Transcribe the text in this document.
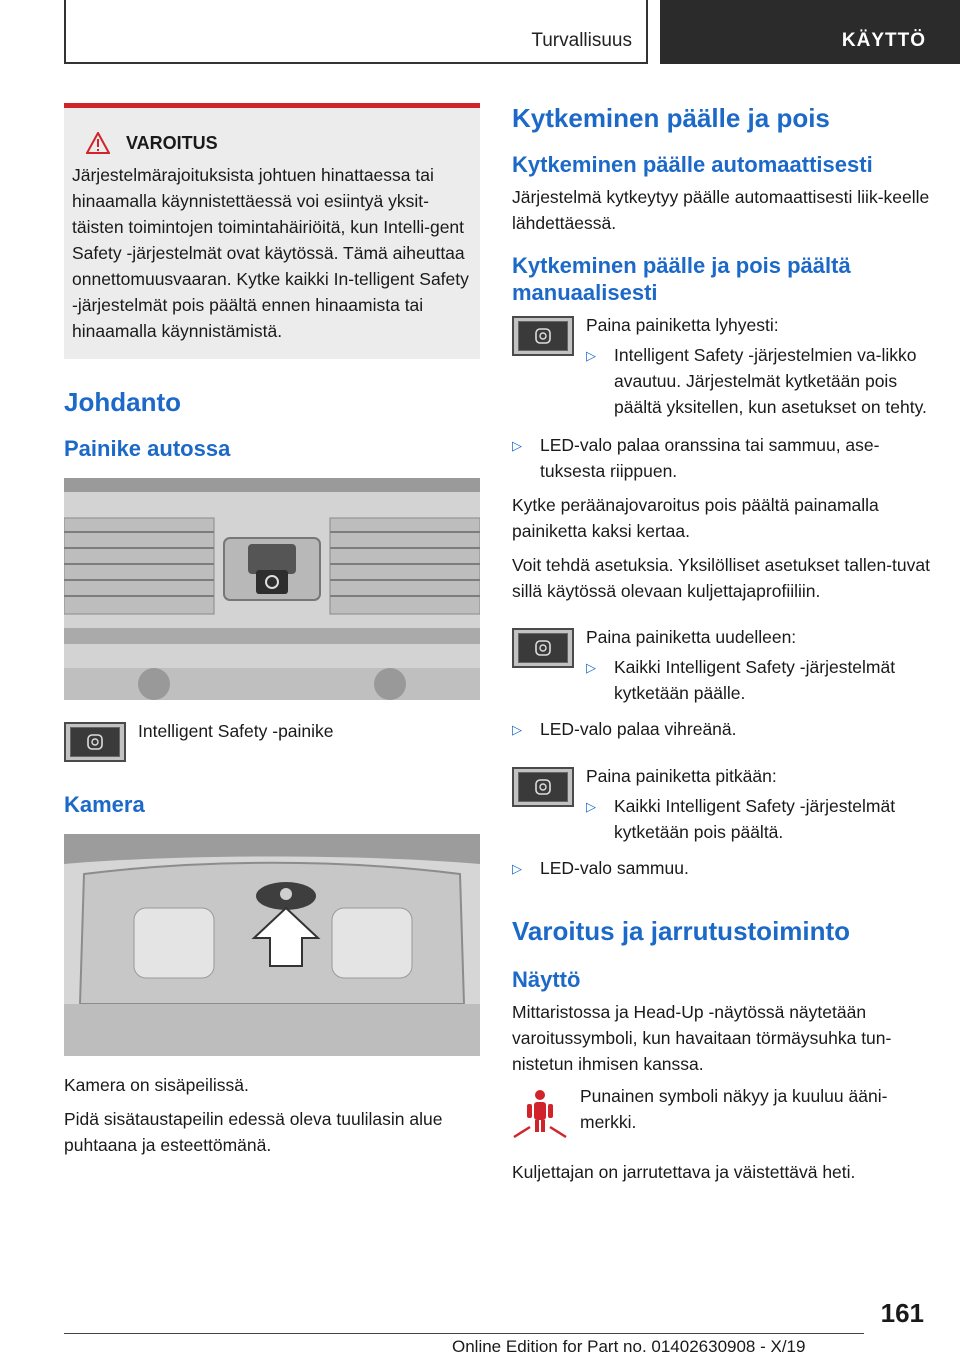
Turvallisuus	KÄYTTÖ
VAROITUS

Järjestelmärajoituksista johtuen hinattaessa tai hinaamalla käynnistettäessä voi esiintyä yksit-täisten toimintojen toimintahäiriöitä, kun Intelli-gent Safety -järjestelmät ovat käytössä. Tämä aiheuttaa onnettomuusvaaran. Kytke kaikki In-telligent Safety -järjestelmät pois päältä ennen hinaamista tai hinaamalla käynnistämistä.

Johdanto
Painike autossa
Intelligent Safety -painike
Kamera

Kamera on sisäpeilissä.

Pidä sisätaustapeilin edessä oleva tuulilasin alue puhtaana ja esteettömänä.

Kytkeminen päälle ja pois
Kytkeminen päälle automaattisesti

Järjestelmä kytkeytyy päälle automaattisesti liik-keelle lähdettäessä.

Kytkeminen päälle ja pois päältä manuaalisesti

Paina painiketta lyhyesti:

▷	Intelligent Safety -järjestelmien va-likko avautuu. Järjestelmät kytketään pois päältä yksitellen, kun asetukset on tehty.
▷	LED-valo palaa oranssina tai sammuu, ase-tuksesta riippuen.

Kytke peräänajovaroitus pois päältä painamalla painiketta kaksi kertaa.

Voit tehdä asetuksia. Yksilölliset asetukset tallen-tuvat sillä käytössä olevaan kuljettajaprofiiliin.

Paina painiketta uudelleen:

▷	Kaikki Intelligent Safety -järjestelmät kytketään päälle.
▷	LED-valo palaa vihreänä.

Paina painiketta pitkään:

▷	Kaikki Intelligent Safety -järjestelmät kytketään pois päältä.
▷	LED-valo sammuu.
Varoitus ja jarrutustoiminto
Näyttö

Mittaristossa ja Head-Up -näytössä näytetään varoitussymboli, kun havaitaan törmäysuhka tun-nistetun ihmisen kanssa.

Punainen symboli näkyy ja kuuluu ääni-merkki.

Kuljettajan on jarrutettava ja väistettävä heti.

161
Online Edition for Part no. 01402630908 - X/19
